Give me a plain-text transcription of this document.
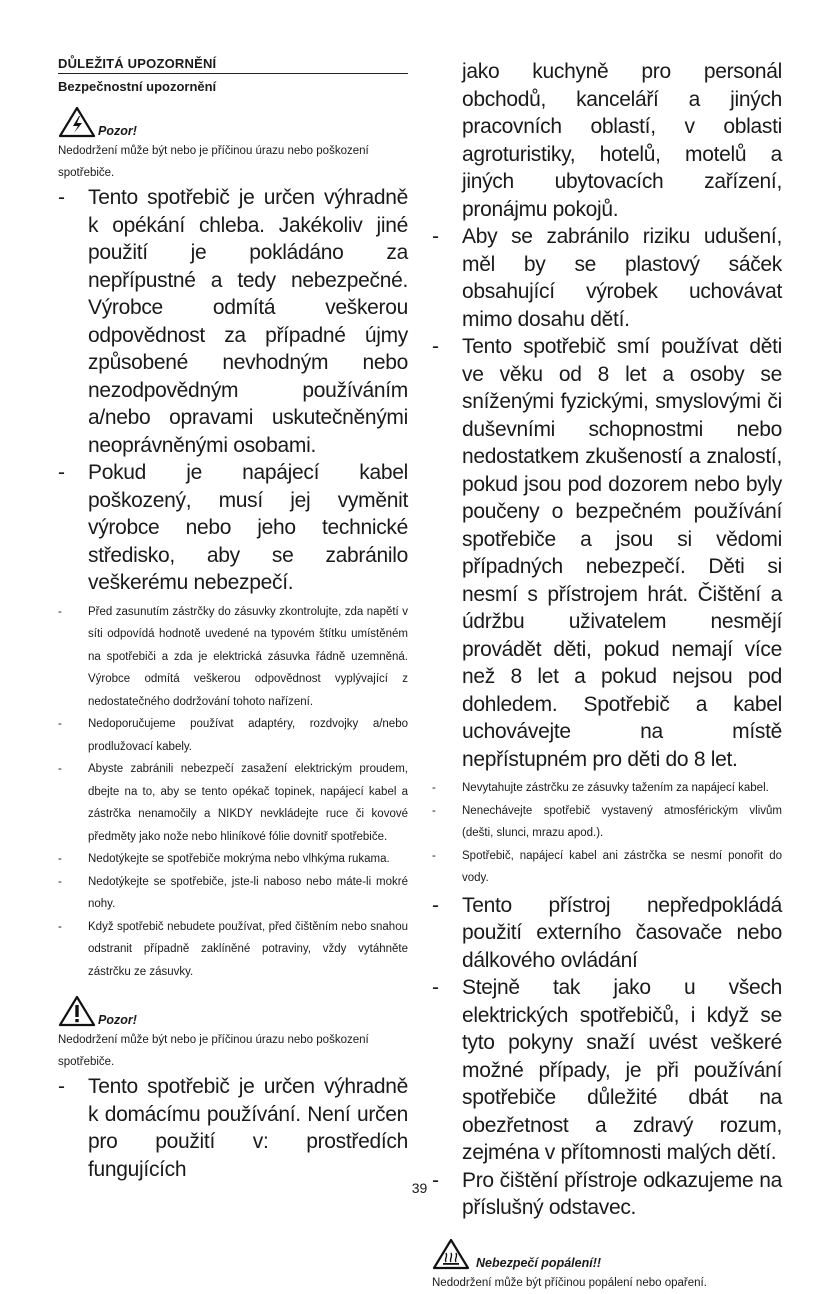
DŮLEŽITÁ UPOZORNĚNÍ
Bezpečnostní upozornění
Pozor!

Nedodržení může být nebo je příčinou úrazu nebo poškození spotřebiče.

- Tento spotřebič je určen výhradně k opékání chleba. Jakékoliv jiné použití je pokládáno za nepřípustné a tedy nebezpečné. Výrobce odmítá veškerou odpovědnost za případné újmy způsobené nevhodným nebo nezodpovědným používáním a/nebo opravami uskutečněnými neoprávněnými osobami.
- Pokud je napájecí kabel poškozený, musí jej vyměnit výrobce nebo jeho technické středisko, aby se zabránilo veškerému nebezpečí.
- Před zasunutím zástrčky do zásuvky zkontrolujte, zda napětí v síti odpovídá hodnotě uvedené na typovém štítku umístěném na spotřebiči a zda je elektrická zásuvka řádně uzemněná. Výrobce odmítá veškerou odpovědnost vyplývající z nedostatečného dodržování tohoto nařízení.
- Nedoporučujeme používat adaptéry, rozdvojky a/nebo prodlužovací kabely.
- Abyste zabránili nebezpečí zasažení elektrickým proudem, dbejte na to, aby se tento opékač topinek, napájecí kabel a zástrčka nenamočily a NIKDY nevkládejte ruce či kovové předměty jako nože nebo hliníkové fólie dovnitř spotřebiče.
- Nedotýkejte se spotřebiče mokrýma nebo vlhkýma rukama.
- Nedotýkejte se spotřebiče, jste-li naboso nebo máte-li mokré nohy.
- Když spotřebič nebudete používat, před čištěním nebo snahou odstranit případně zaklíněné potraviny, vždy vytáhněte zástrčku ze zásuvky.
Pozor!

Nedodržení může být nebo je příčinou úrazu nebo poškození spotřebiče.

- Tento spotřebič je určen výhradně k domácímu používání. Není určen pro použití v: prostředích fungujících
jako kuchyně pro personál obchodů, kanceláří a jiných pracovních oblastí, v oblasti agroturistiky, hotelů, motelů a jiných ubytovacích zařízení, pronájmu pokojů.
- Aby se zabránilo riziku udušení, měl by se plastový sáček obsahující výrobek uchovávat mimo dosahu dětí.
- Tento spotřebič smí používat děti ve věku od 8 let a osoby se sníženými fyzickými, smyslovými či duševními schopnostmi nebo nedostatkem zkušeností a znalostí, pokud jsou pod dozorem nebo byly poučeny o bezpečném používání spotřebiče a jsou si vědomi případných nebezpečí. Děti si nesmí s přístrojem hrát. Čištění a údržbu uživatelem nesmějí provádět děti, pokud nemají více než 8 let a pokud nejsou pod dohledem. Spotřebič a kabel uchovávejte na místě nepřístupném pro děti do 8 let.
- Nevytahujte zástrčku ze zásuvky tažením za napájecí kabel.
- Nenechávejte spotřebič vystavený atmosférickým vlivům (dešti, slunci, mrazu apod.).
- Spotřebič, napájecí kabel ani zástrčka se nesmí ponořit do vody.
- Tento přístroj nepředpokládá použití externího časovače nebo dálkového ovládání
- Stejně tak jako u všech elektrických spotřebičů, i když se tyto pokyny snaží uvést veškeré možné případy, je při používání spotřebiče důležité dbát na obezřetnost a zdravý rozum, zejména v přítomnosti malých dětí.
- Pro čištění přístroje odkazujeme na příslušný odstavec.
Nebezpečí popálení!!

Nedodržení může být příčinou popálení nebo opaření.

39
